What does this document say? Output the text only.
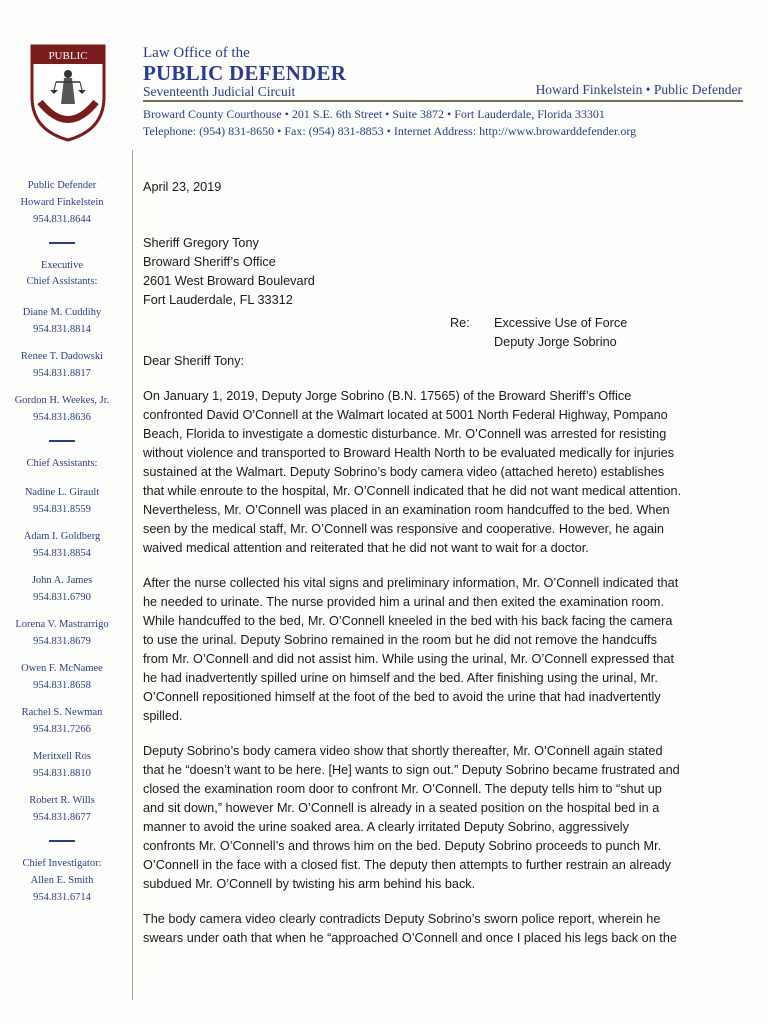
PUBLIC
DEFENDER
Law Office of the
PUBLIC DEFENDER
Seventeenth Judicial Circuit	Howard Finkelstein • Public Defender
Broward County Courthouse • 201 S.E. 6th Street • Suite 3872 • Fort Lauderdale, Florida 33301
Telephone: (954) 831-8650 • Fax: (954) 831-8853 • Internet Address: http://www.browarddefender.org
Public Defender
Howard Finkelstein
954.831.8644
Executive
Chief Assistants:
Diane M. Cuddihy
954.831.8814
Renee T. Dadowski
954.831.8817
Gordon H. Weekes, Jr.
954.831.8636
Chief Assistants:
Nadine L. Girault
954.831.8559
Adam I. Goldberg
954.831.8854
John A. James
954.831.6790
Lorena V. Mastrarrigo
954.831.8679
Owen F. McNamee
954.831.8658
Rachel S. Newman
954.831.7266
Meritxell Ros
954.831.8810
Robert R. Wills
954.831.8677
Chief Investigator:
Allen E. Smith
954.831.6714

April 23, 2019

Sheriff Gregory Tony
Broward Sheriff’s Office
2601 West Broward Boulevard
Fort Lauderdale, FL 33312
Re: Excessive Use of Force
Deputy Jorge Sobrino

Dear Sheriff Tony:

On January 1, 2019, Deputy Jorge Sobrino (B.N. 17565) of the Broward Sheriff’s Office confronted David O’Connell at the Walmart located at 5001 North Federal Highway, Pompano Beach, Florida to investigate a domestic disturbance. Mr. O’Connell was arrested for resisting without violence and transported to Broward Health North to be evaluated medically for injuries sustained at the Walmart. Deputy Sobrino’s body camera video (attached hereto) establishes that while enroute to the hospital, Mr. O’Connell indicated that he did not want medical attention. Nevertheless, Mr. O’Connell was placed in an examination room handcuffed to the bed. When seen by the medical staff, Mr. O’Connell was responsive and cooperative. However, he again waived medical attention and reiterated that he did not want to wait for a doctor.

After the nurse collected his vital signs and preliminary information, Mr. O’Connell indicated that he needed to urinate. The nurse provided him a urinal and then exited the examination room. While handcuffed to the bed, Mr. O’Connell kneeled in the bed with his back facing the camera to use the urinal. Deputy Sobrino remained in the room but he did not remove the handcuffs from Mr. O’Connell and did not assist him. While using the urinal, Mr. O’Connell expressed that he had inadvertently spilled urine on himself and the bed. After finishing using the urinal, Mr. O’Connell repositioned himself at the foot of the bed to avoid the urine that had inadvertently spilled.

Deputy Sobrino’s body camera video show that shortly thereafter, Mr. O’Connell again stated that he “doesn’t want to be here. [He] wants to sign out.” Deputy Sobrino became frustrated and closed the examination room door to confront Mr. O’Connell. The deputy tells him to “shut up and sit down,” however Mr. O’Connell is already in a seated position on the hospital bed in a manner to avoid the urine soaked area. A clearly irritated Deputy Sobrino, aggressively confronts Mr. O’Connell’s and throws him on the bed. Deputy Sobrino proceeds to punch Mr. O’Connell in the face with a closed fist. The deputy then attempts to further restrain an already subdued Mr. O’Connell by twisting his arm behind his back.

The body camera video clearly contradicts Deputy Sobrino’s sworn police report, wherein he swears under oath that when he “approached O’Connell and once I placed his legs back on the
